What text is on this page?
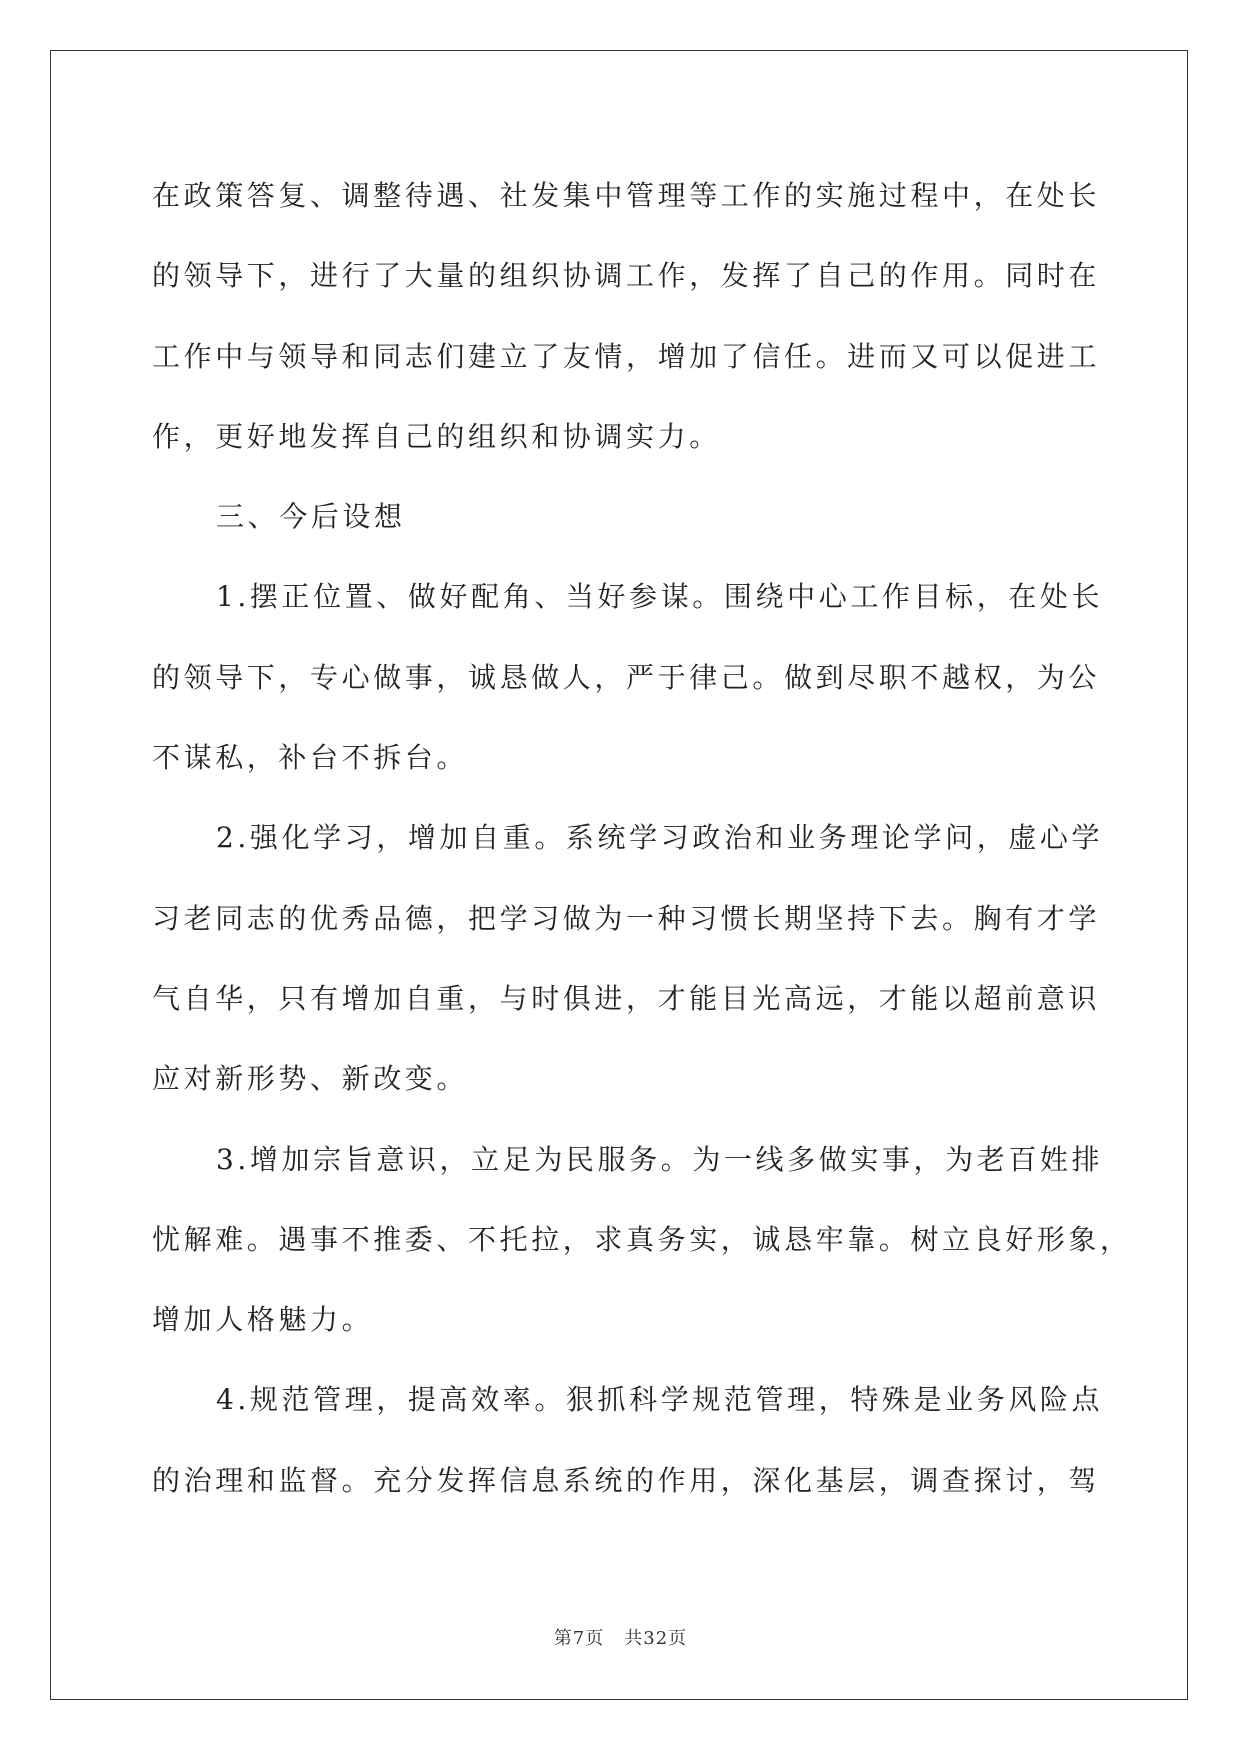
在政策答复、调整待遇、社发集中管理等工作的实施过程中，在处长
的领导下，进行了大量的组织协调工作，发挥了自己的作用。同时在
工作中与领导和同志们建立了友情，增加了信任。进而又可以促进工
作，更好地发挥自己的组织和协调实力。
三、今后设想
1.摆正位置、做好配角、当好参谋。围绕中心工作目标，在处长
的领导下，专心做事，诚恳做人，严于律己。做到尽职不越权，为公
不谋私，补台不拆台。
2.强化学习，增加自重。系统学习政治和业务理论学问，虚心学
习老同志的优秀品德，把学习做为一种习惯长期坚持下去。胸有才学
气自华，只有增加自重，与时俱进，才能目光高远，才能以超前意识
应对新形势、新改变。
3.增加宗旨意识，立足为民服务。为一线多做实事，为老百姓排
忧解难。遇事不推委、不托拉，求真务实，诚恳牢靠。树立良好形象，
增加人格魅力。
4.规范管理，提高效率。狠抓科学规范管理，特殊是业务风险点
的治理和监督。充分发挥信息系统的作用，深化基层，调查探讨，驾
第7页 共32页
